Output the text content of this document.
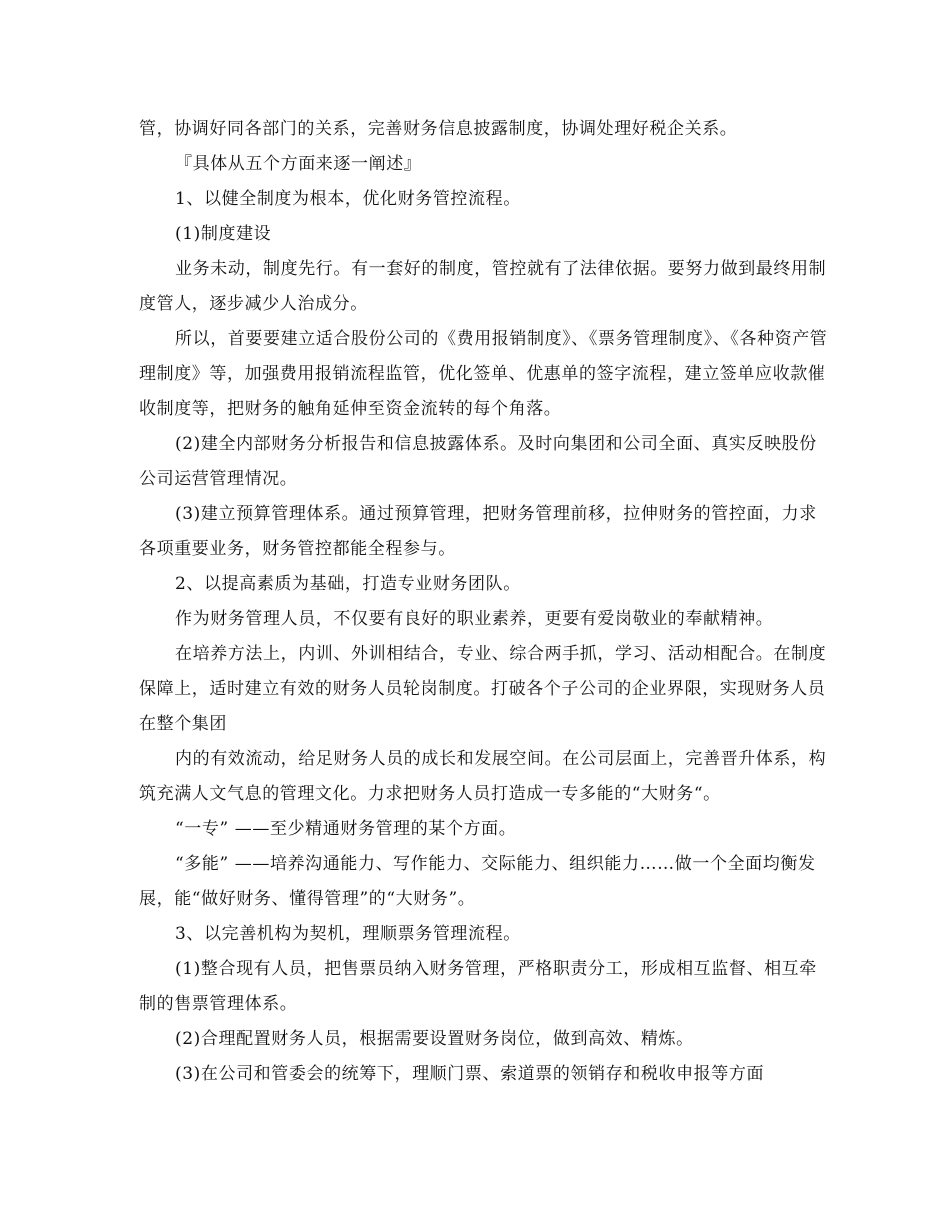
管，协调好同各部门的关系，完善财务信息披露制度，协调处理好税企关系。

『具体从五个方面来逐一阐述』

1、以健全制度为根本，优化财务管控流程。

(1)制度建设

业务未动，制度先行。有一套好的制度，管控就有了法律依据。要努力做到最终用制度管人，逐步减少人治成分。

所以，首要要建立适合股份公司的《费用报销制度》、《票务管理制度》、《各种资产管理制度》等，加强费用报销流程监管，优化签单、优惠单的签字流程，建立签单应收款催收制度等，把财务的触角延伸至资金流转的每个角落。

(2)建全内部财务分析报告和信息披露体系。及时向集团和公司全面、真实反映股份公司运营管理情况。

(3)建立预算管理体系。通过预算管理，把财务管理前移，拉伸财务的管控面，力求各项重要业务，财务管控都能全程参与。

2、以提高素质为基础，打造专业财务团队。

作为财务管理人员，不仅要有良好的职业素养，更要有爱岗敬业的奉献精神。

在培养方法上，内训、外训相结合，专业、综合两手抓，学习、活动相配合。在制度保障上，适时建立有效的财务人员轮岗制度。打破各个子公司的企业界限，实现财务人员在整个集团

内的有效流动，给足财务人员的成长和发展空间。在公司层面上，完善晋升体系，构筑充满人文气息的管理文化。力求把财务人员打造成一专多能的“大财务“。

“一专” ——至少精通财务管理的某个方面。

“多能” ——培养沟通能力、写作能力、交际能力、组织能力……做一个全面均衡发展，能“做好财务、懂得管理”的“大财务”。

3、以完善机构为契机，理顺票务管理流程。

(1)整合现有人员，把售票员纳入财务管理，严格职责分工，形成相互监督、相互牵制的售票管理体系。

(2)合理配置财务人员，根据需要设置财务岗位，做到高效、精炼。

(3)在公司和管委会的统筹下，理顺门票、索道票的领销存和税收申报等方面
